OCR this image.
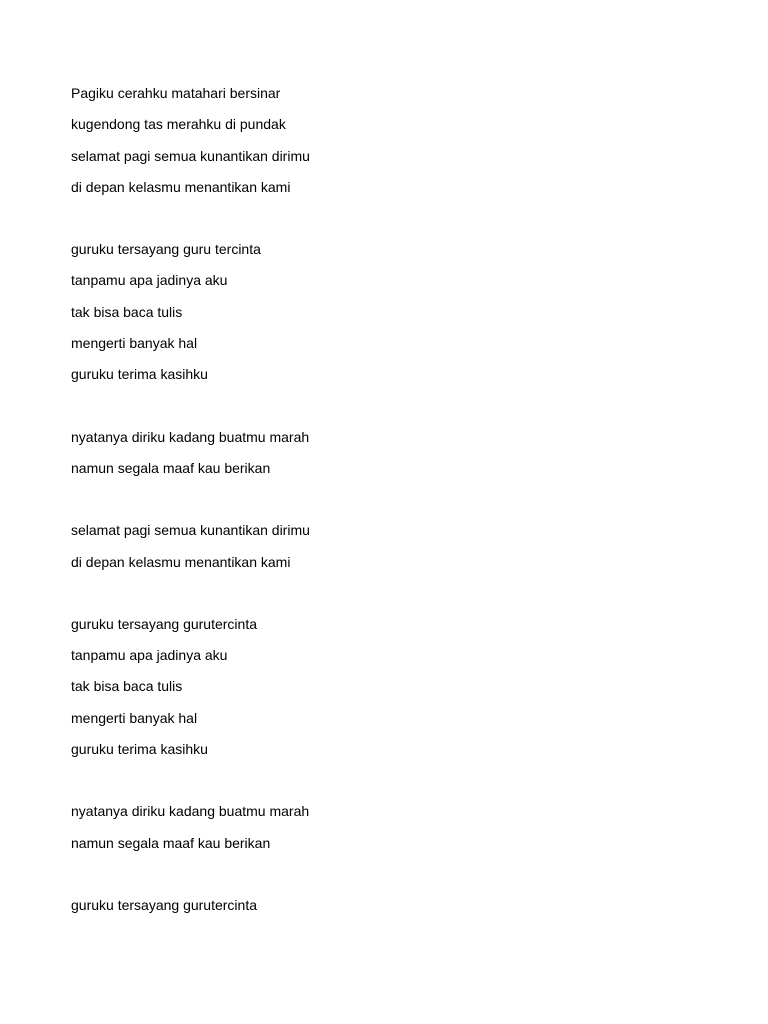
Pagiku cerahku matahari bersinar
kugendong tas merahku di pundak
selamat pagi semua kunantikan dirimu
di depan kelasmu menantikan kami
guruku tersayang guru tercinta
tanpamu apa jadinya aku
tak bisa baca tulis
mengerti banyak hal
guruku terima kasihku
nyatanya diriku kadang buatmu marah
namun segala maaf kau berikan
selamat pagi semua kunantikan dirimu
di depan kelasmu menantikan kami
guruku tersayang gurutercinta
tanpamu apa jadinya aku
tak bisa baca tulis
mengerti banyak hal
guruku terima kasihku
nyatanya diriku kadang buatmu marah
namun segala maaf kau berikan
guruku tersayang gurutercinta
